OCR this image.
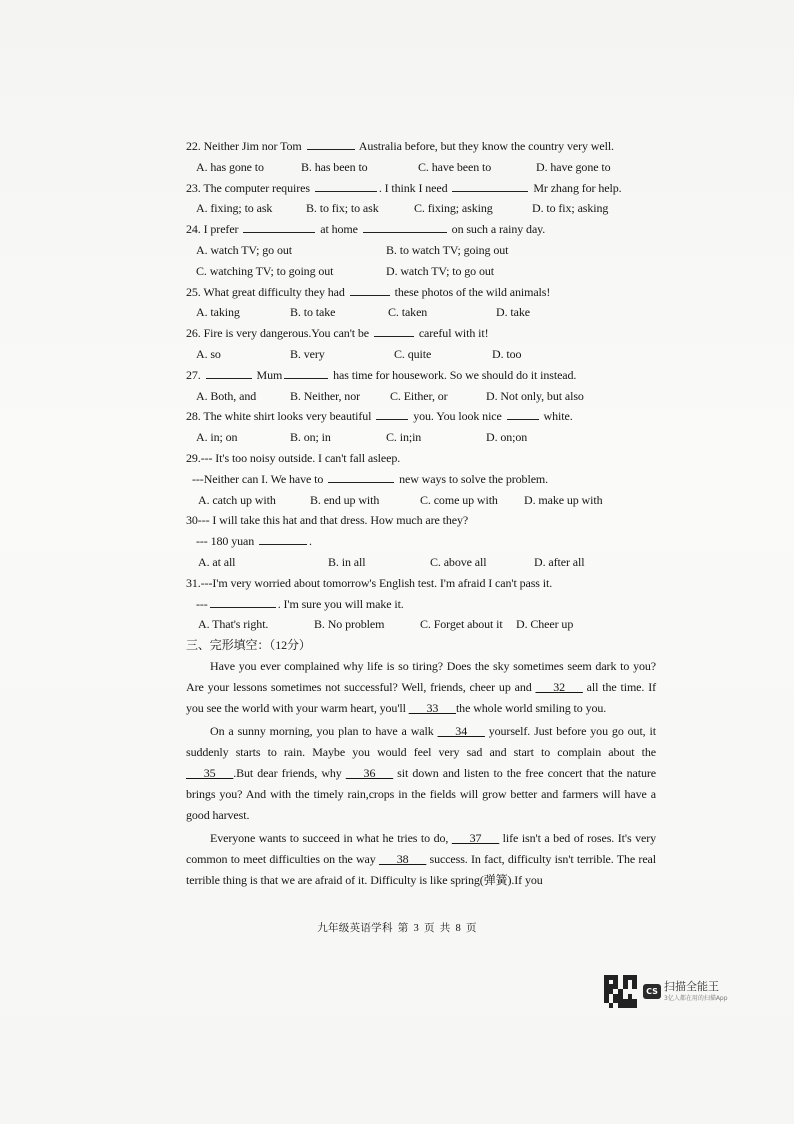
22. Neither Jim nor Tom	Australia before, but they know the country very well.
A. has gone to	B. has been to	C. have been to	D. have gone to
23. The computer requires	. I think I need	Mr zhang for help.
A. fixing; to ask	B. to fix; to ask	C. fixing; asking	D. to fix; asking
24. I prefer	at home	on such a rainy day.
A. watch TV; go out	B. to watch TV; going out
C. watching TV; to going out	D. watch TV; to go out
25. What great difficulty they had	these photos of the wild animals!
A. taking	B. to take	C. taken	D. take
26. Fire is very dangerous.You can't be	careful with it!
A. so	B. very	C. quite	D. too
27.	Mum	has time for housework. So we should do it instead.
A. Both, and	B. Neither, nor C. Either, or	D. Not only, but also
28. The white shirt looks very beautiful	you. You look nice	white.
A. in; on	B. on; in	C. in;in	D. on;on
29.--- It's too noisy outside. I can't fall asleep.
---Neither can I. We have to	new ways to solve the problem.
A. catch up with	B. end up with	C. come up with D. make up with
30--- I will take this hat and that dress. How much are they?
--- 180 yuan	.
A. at all	B. in all	C. above all	D. after all
31.---I'm very worried about tomorrow's English test. I'm afraid I can't pass it.
---	. I'm sure you will make it.
A. That's right.	B. No problem	C. Forget about it D. Cheer up
三、完形填空：（12分）

Have you ever complained why life is so tiring? Does the sky sometimes seem dark to you? Are your lessons sometimes not successful? Well, friends, cheer up and ___32___ all the time. If you see the world with your warm heart, you'll ___33___the whole world smiling to you.

On a sunny morning, you plan to have a walk ___34___ yourself. Just before you go out, it suddenly starts to rain. Maybe you would feel very sad and start to complain about the ___35___.But dear friends, why ___36___ sit down and listen to the free concert that the nature brings you? And with the timely rain,crops in the fields will grow better and farmers will have a good harvest.

Everyone wants to succeed in what he tries to do, ___37___ life isn't a bed of roses. It's very common to meet difficulties on the way ___38___ success. In fact, difficulty isn't terrible. The real terrible thing is that we are afraid of it. Difficulty is like spring(弹簧).If you

九年级英语学科 第 3 页 共 8 页
CS 扫描全能王
3亿人都在用的扫描App
